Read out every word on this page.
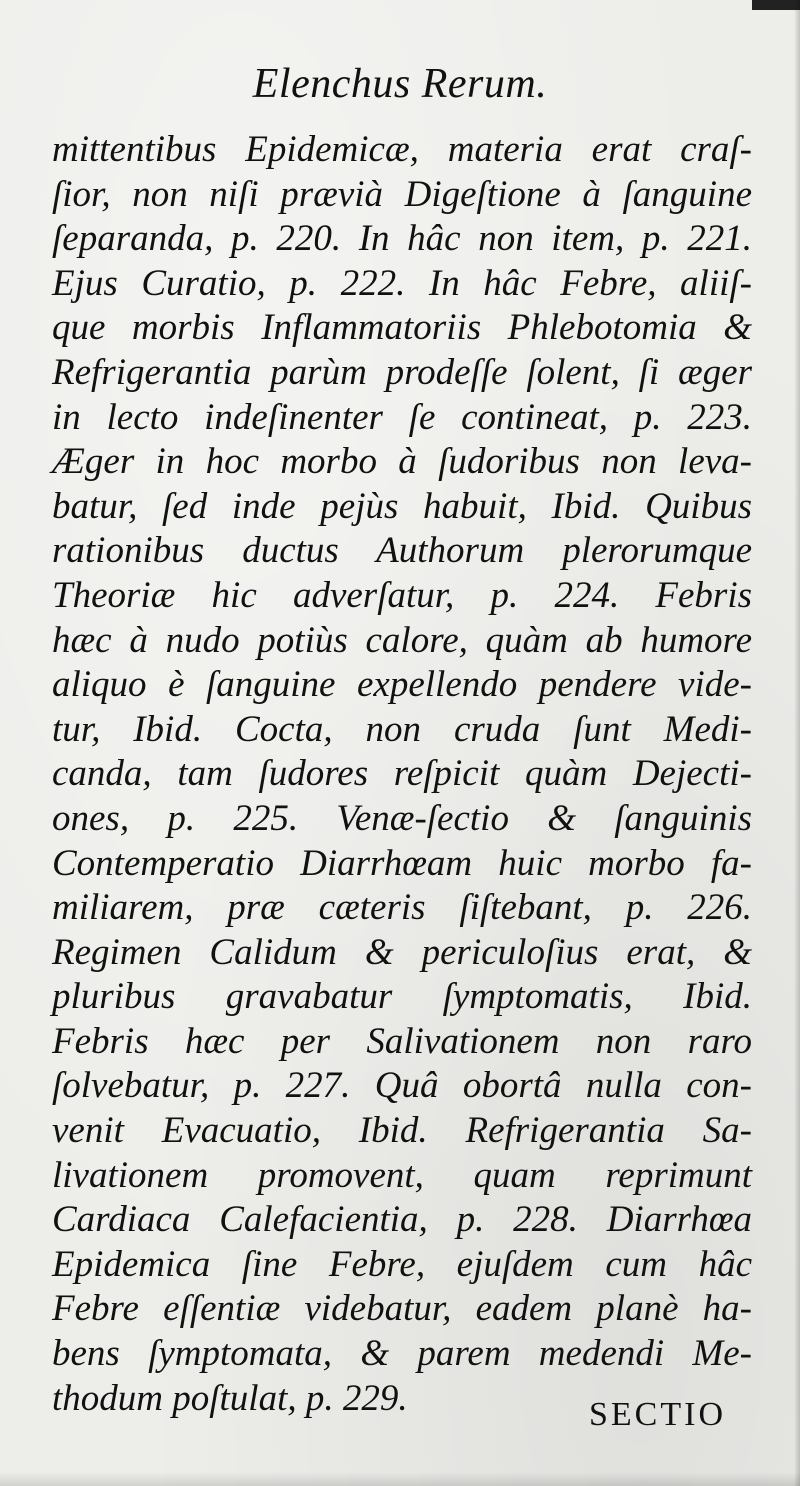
Elenchus Rerum.
mittentibus Epidemicæ, materia erat craſ-
ſior, non niſi prævià Digeſtione à ſanguine
ſeparanda, p. 220. In hâc non item, p. 221.
Ejus Curatio, p. 222. In hâc Febre, aliiſ-
que morbis Inflammatoriis Phlebotomia &
Refrigerantia parùm prodeſſe ſolent, ſi æger
in lecto indeſinenter ſe contineat, p. 223.
Æger in hoc morbo à ſudoribus non leva-
batur, ſed inde pejùs habuit, Ibid. Quibus
rationibus ductus Authorum plerorumque
Theoriæ hic adverſatur, p. 224. Febris
hæc à nudo potiùs calore, quàm ab humore
aliquo è ſanguine expellendo pendere vide-
tur, Ibid. Cocta, non cruda ſunt Medi-
canda, tam ſudores reſpicit quàm Dejecti-
ones, p. 225. Venæ-ſectio & ſanguinis
Contemperatio Diarrhœam huic morbo fa-
miliarem, præ cæteris ſiſtebant, p. 226.
Regimen Calidum & periculoſius erat, &
pluribus gravabatur ſymptomatis, Ibid.
Febris hæc per Salivationem non raro
ſolvebatur, p. 227. Quâ obortâ nulla con-
venit Evacuatio, Ibid. Refrigerantia Sa-
livationem promovent, quam reprimunt
Cardiaca Calefacientia, p. 228. Diarrhœa
Epidemica ſine Febre, ejuſdem cum hâc
Febre eſſentiæ videbatur, eadem planè ha-
bens ſymptomata, & parem medendi Me-
thodum poſtulat, p. 229.	SECTIO
